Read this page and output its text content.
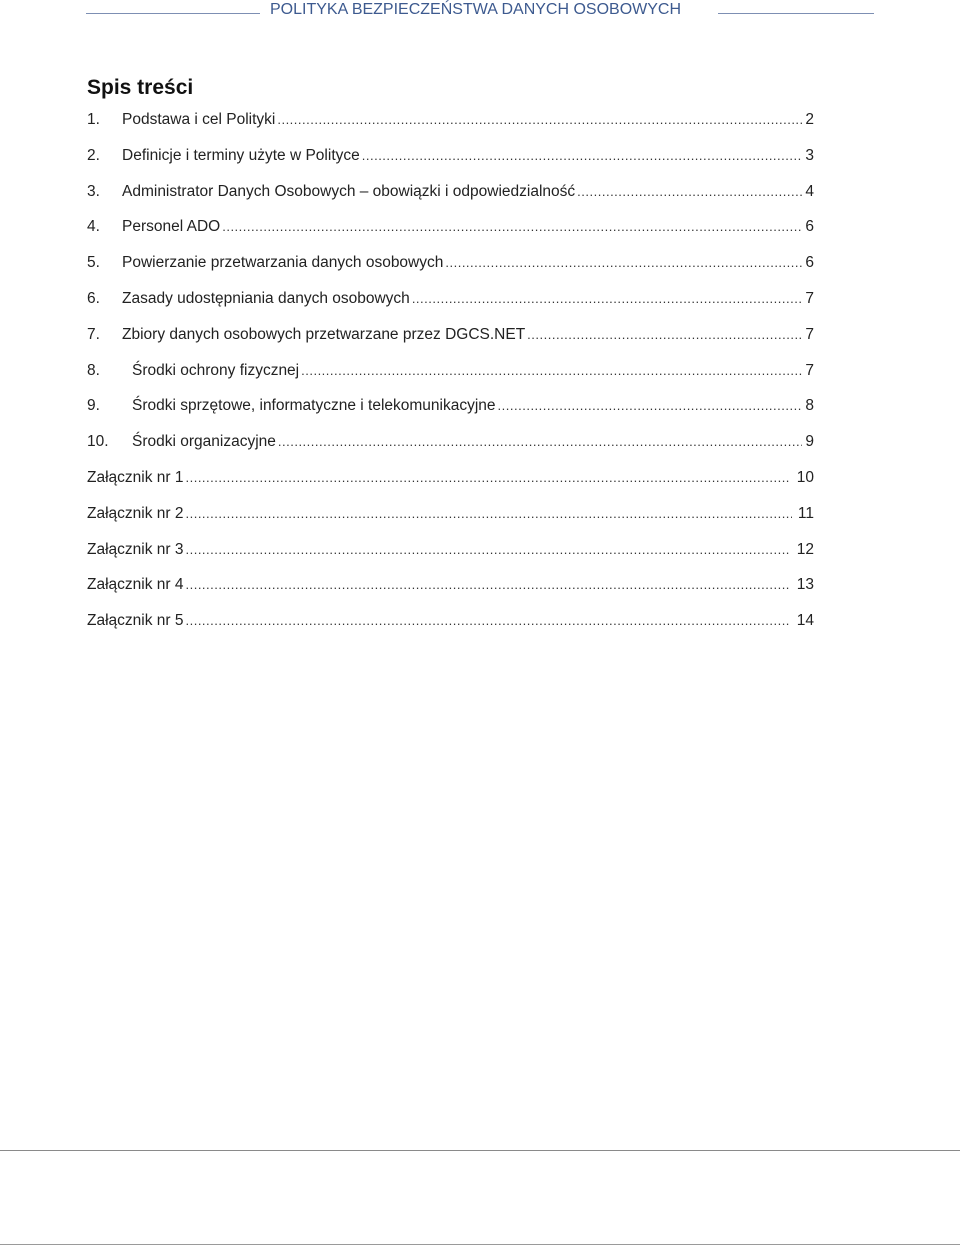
POLITYKA BEZPIECZEŃSTWA DANYCH OSOBOWYCH
Spis treści
1.	Podstawa i cel Polityki .....	2
2.	Definicje i terminy użyte w Polityce .....	3
3.	Administrator Danych Osobowych – obowiązki i odpowiedzialność .....	4
4.	Personel ADO .....	6
5.	Powierzanie przetwarzania danych osobowych .....	6
6.	Zasady udostępniania danych osobowych .....	7
7.	Zbiory danych osobowych przetwarzane przez DGCS.NET .....	7
8.	Środki ochrony fizycznej .....	7
9.	Środki sprzętowe, informatyczne i telekomunikacyjne .....	8
10.	Środki organizacyjne .....	9
Załącznik nr 1 .....	10
Załącznik nr 2 .....	11
Załącznik nr 3 .....	12
Załącznik nr 4 .....	13
Załącznik nr 5 .....	14
